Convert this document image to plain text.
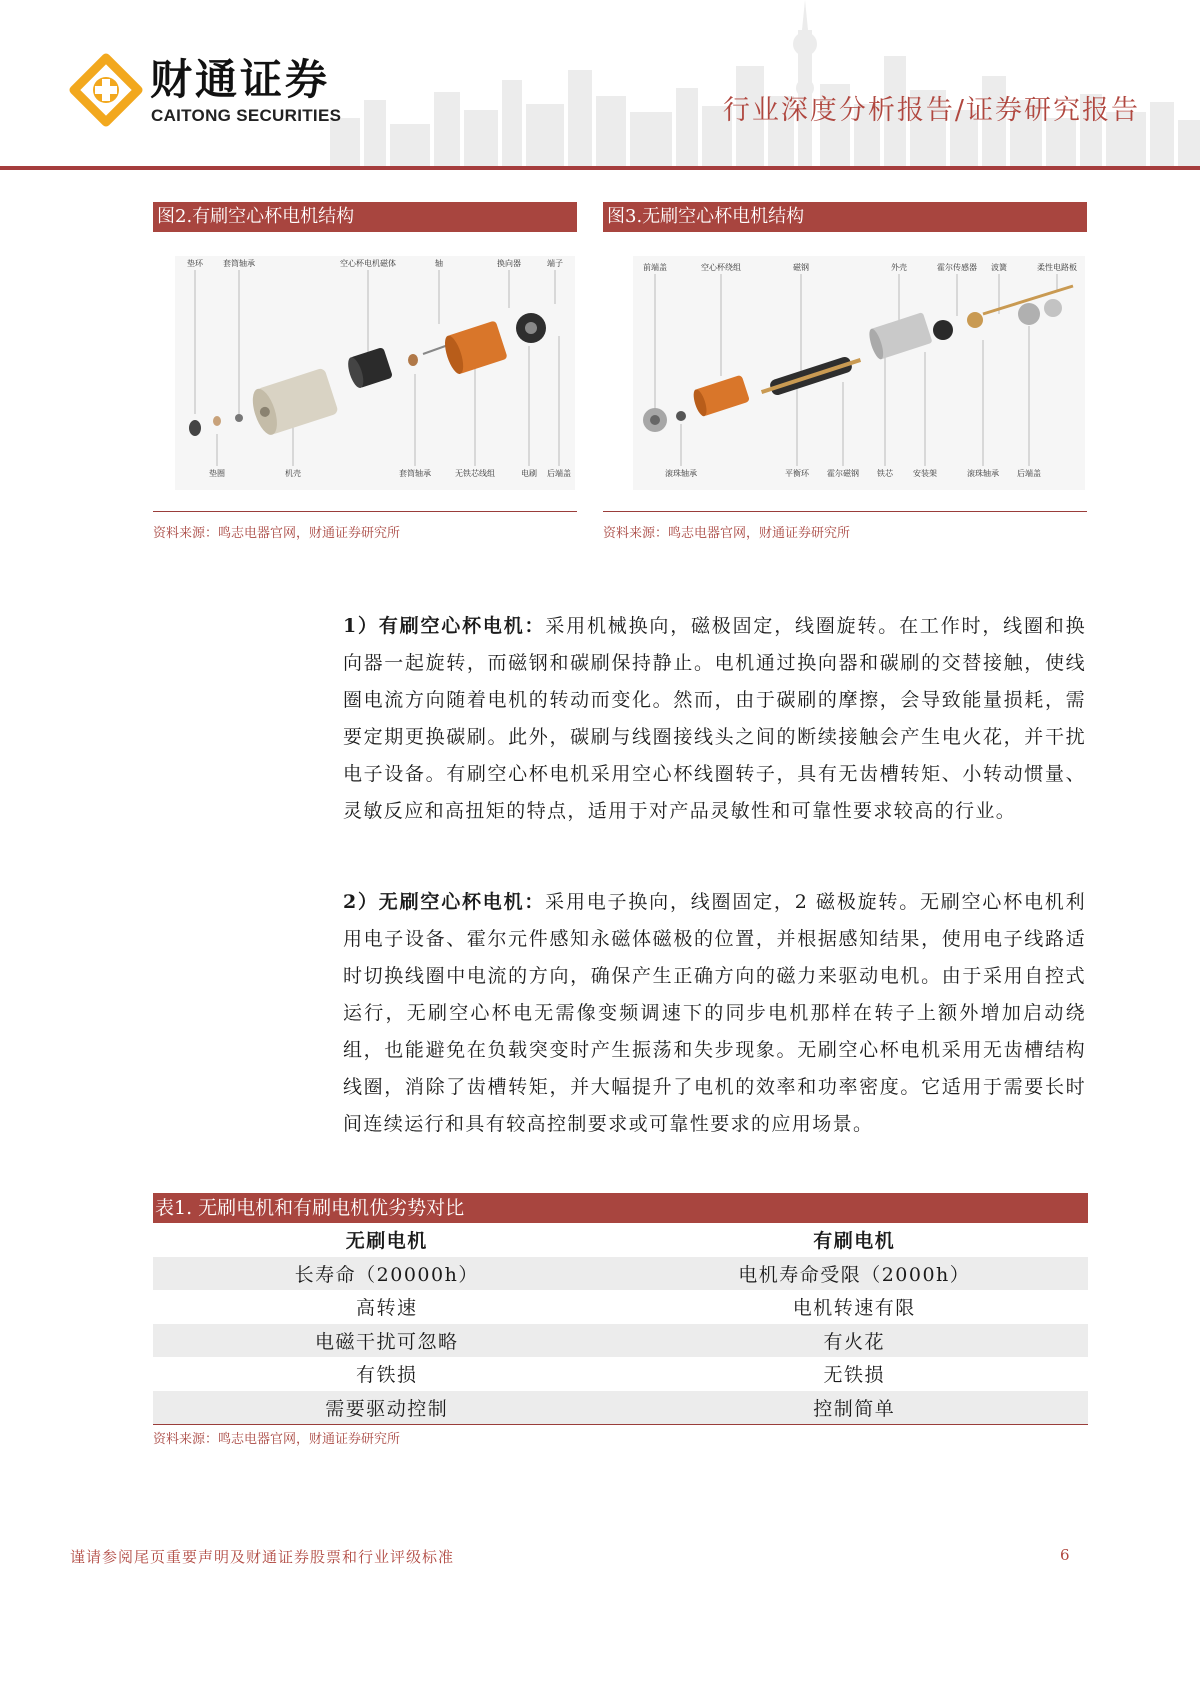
财通证券
CAITONG SECURITIES	行业深度分析报告/证券研究报告
图2.有刷空心杯电机结构
垫环	套筒轴承	空心杯电机磁体	轴	换向器	端子
垫圈	机壳	套筒轴承	无铁芯线组	电刷 后端盖
资料来源：鸣志电器官网，财通证券研究所
图3.无刷空心杯电机结构
前端盖	空心杯绕组	磁钢	外壳	霍尔传感器 波簧	柔性电路板
滚珠轴承	平衡环 霍尔磁钢 铁芯	安装架	滚珠轴承 后端盖
资料来源：鸣志电器官网，财通证券研究所

1）有刷空心杯电机：采用机械换向，磁极固定，线圈旋转。在工作时，线圈和换向器一起旋转，而磁钢和碳刷保持静止。电机通过换向器和碳刷的交替接触，使线圈电流方向随着电机的转动而变化。然而，由于碳刷的摩擦，会导致能量损耗，需要定期更换碳刷。此外，碳刷与线圈接线头之间的断续接触会产生电火花，并干扰电子设备。有刷空心杯电机采用空心杯线圈转子，具有无齿槽转矩、小转动惯量、灵敏反应和高扭矩的特点，适用于对产品灵敏性和可靠性要求较高的行业。

2）无刷空心杯电机：采用电子换向，线圈固定，2 磁极旋转。无刷空心杯电机利用电子设备、霍尔元件感知永磁体磁极的位置，并根据感知结果，使用电子线路适时切换线圈中电流的方向，确保产生正确方向的磁力来驱动电机。由于采用自控式运行，无刷空心杯电无需像变频调速下的同步电机那样在转子上额外增加启动绕组，也能避免在负载突变时产生振荡和失步现象。无刷空心杯电机采用无齿槽结构线圈，消除了齿槽转矩，并大幅提升了电机的效率和功率密度。它适用于需要长时间连续运行和具有较高控制要求或可靠性要求的应用场景。

表1. 无刷电机和有刷电机优劣势对比
无刷电机	有刷电机
长寿命（20000h）	电机寿命受限（2000h）
高转速	电机转速有限
电磁干扰可忽略	有火花
有铁损	无铁损
需要驱动控制	控制简单
资料来源：鸣志电器官网，财通证券研究所
谨请参阅尾页重要声明及财通证券股票和行业评级标准	6
